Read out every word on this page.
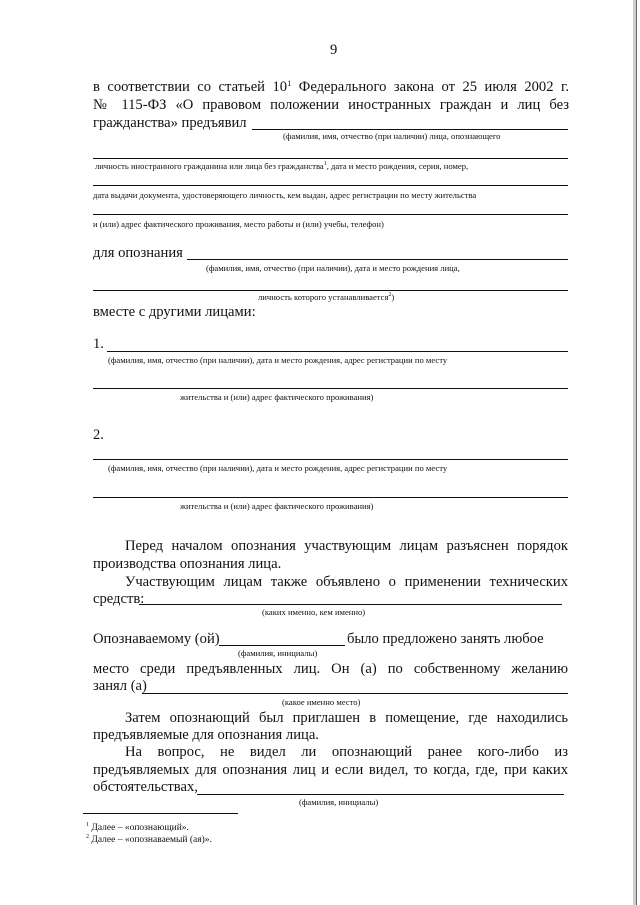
9
в соответствии со статьей $10^1$ Федерального закона от 25 июля 2002 г.
№ 115-ФЗ «О правовом положении иностранных граждан и лиц без
гражданства» предъявил
(фамилия, имя, отчество (при наличии) лица, опознающего
личность иностранного гражданина или лица без гражданства$^1$, дата и место рождения, серия, номер,
дата выдачи документа, удостоверяющего личность, кем выдан, адрес регистрации по месту жительства
и (или) адрес фактического проживания, место работы и (или) учебы, телефон)
для опознания
(фамилия, имя, отчество (при наличии), дата и место рождения лица,
личность которого устанавливается$^2$)
вместе с другими лицами:
1.
(фамилия, имя, отчество (при наличии), дата и место рождения, адрес регистрации по месту
жительства и (или) адрес фактического проживания)
2.
(фамилия, имя, отчество (при наличии), дата и место рождения, адрес регистрации по месту
жительства и (или) адрес фактического проживания)
Перед началом опознания участвующим лицам разъяснен порядок
производства опознания лица.
Участвующим лицам также объявлено о применении технических
средств:
(каких именно, кем именно)
Опознаваемому (ой)	было предложено занять любое
(фамилия, инициалы)
место среди предъявленных лиц. Он (а) по собственному желанию
занял (а)
(какое именно место)
Затем опознающий был приглашен в помещение, где находились
предъявляемые для опознания лица.
На вопрос, не видел ли опознающий ранее кого-либо из
предъявляемых для опознания лиц и если видел, то когда, где, при каких
обстоятельствах,
(фамилия, инициалы)
$^1$ Далее – «опознающий».
$^2$ Далее – «опознаваемый (ая)».
